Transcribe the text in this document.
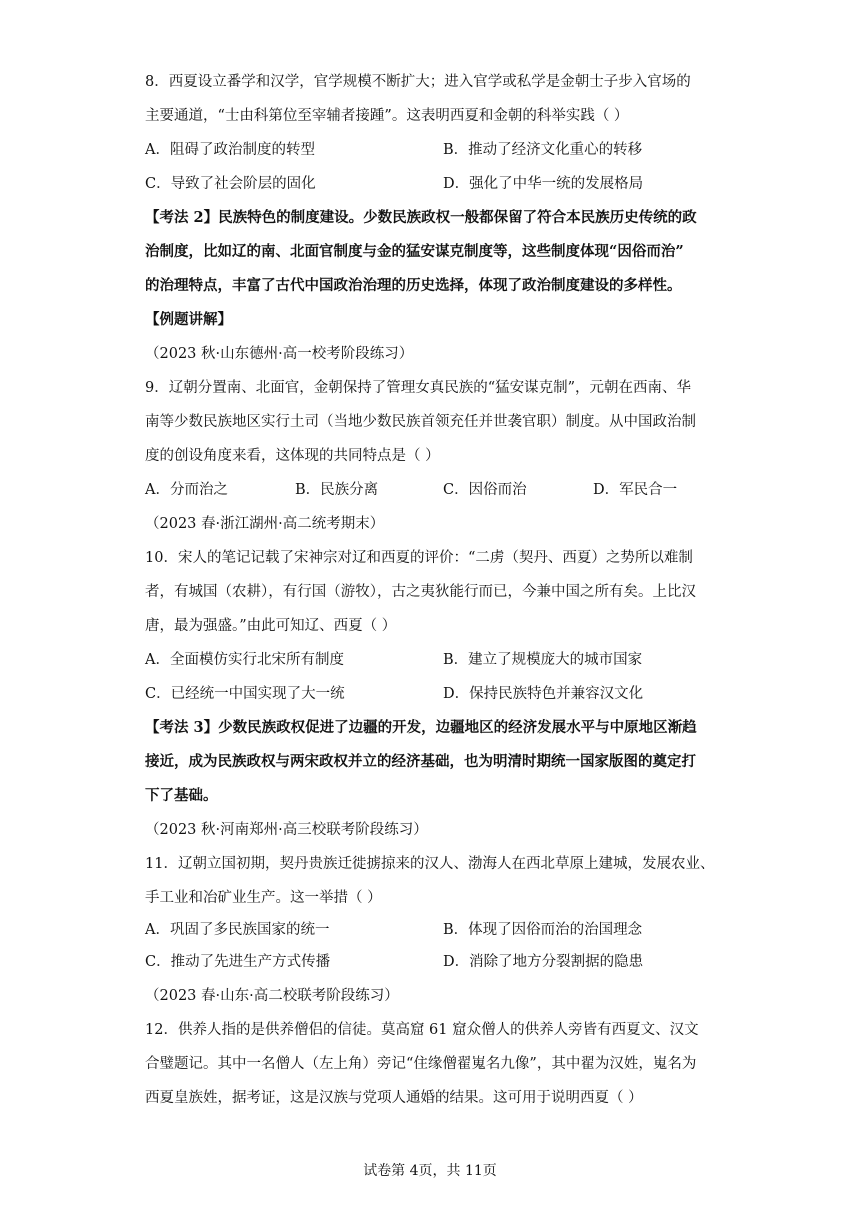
8．西夏设立番学和汉学，官学规模不断扩大；进入官学或私学是金朝士子步入官场的
主要通道，“士由科第位至宰辅者接踵”。这表明西夏和金朝的科举实践（ ）
A．阻碍了政治制度的转型	B．推动了经济文化重心的转移
C．导致了社会阶层的固化	D．强化了中华一统的发展格局
【考法 2】民族特色的制度建设。少数民族政权一般都保留了符合本民族历史传统的政
治制度，比如辽的南、北面官制度与金的猛安谋克制度等，这些制度体现“因俗而治”
的治理特点，丰富了古代中国政治治理的历史选择，体现了政治制度建设的多样性。
【例题讲解】
（2023 秋·山东德州·高一校考阶段练习）
9．辽朝分置南、北面官，金朝保持了管理女真民族的“猛安谋克制”，元朝在西南、华
南等少数民族地区实行土司（当地少数民族首领充任并世袭官职）制度。从中国政治制
度的创设角度来看，这体现的共同特点是（ ）
A．分而治之	B．民族分离	C．因俗而治	D．军民合一
（2023 春·浙江湖州·高二统考期末）
10．宋人的笔记记载了宋神宗对辽和西夏的评价：“二虏（契丹、西夏）之势所以难制
者，有城国（农耕），有行国（游牧），古之夷狄能行而已，今兼中国之所有矣。上比汉
唐，最为强盛。”由此可知辽、西夏（ ）
A．全面模仿实行北宋所有制度	B．建立了规模庞大的城市国家
C．已经统一中国实现了大一统	D．保持民族特色并兼容汉文化
【考法 3】少数民族政权促进了边疆的开发，边疆地区的经济发展水平与中原地区渐趋
接近，成为民族政权与两宋政权并立的经济基础，也为明清时期统一国家版图的奠定打
下了基础。
（2023 秋·河南郑州·高三校联考阶段练习）
11．辽朝立国初期，契丹贵族迁徙掳掠来的汉人、渤海人在西北草原上建城，发展农业、
手工业和冶矿业生产。这一举措（ ）
A．巩固了多民族国家的统一	B．体现了因俗而治的治国理念
C．推动了先进生产方式传播	D．消除了地方分裂割据的隐患
（2023 春·山东·高二校联考阶段练习）
12．供养人指的是供养僧侣的信徒。莫高窟 61 窟众僧人的供养人旁皆有西夏文、汉文
合璧题记。其中一名僧人（左上角）旁记“住缘僧翟嵬名九像”，其中翟为汉姓，嵬名为
西夏皇族姓，据考证，这是汉族与党项人通婚的结果。这可用于说明西夏（ ）
试卷第 4页，共 11页
